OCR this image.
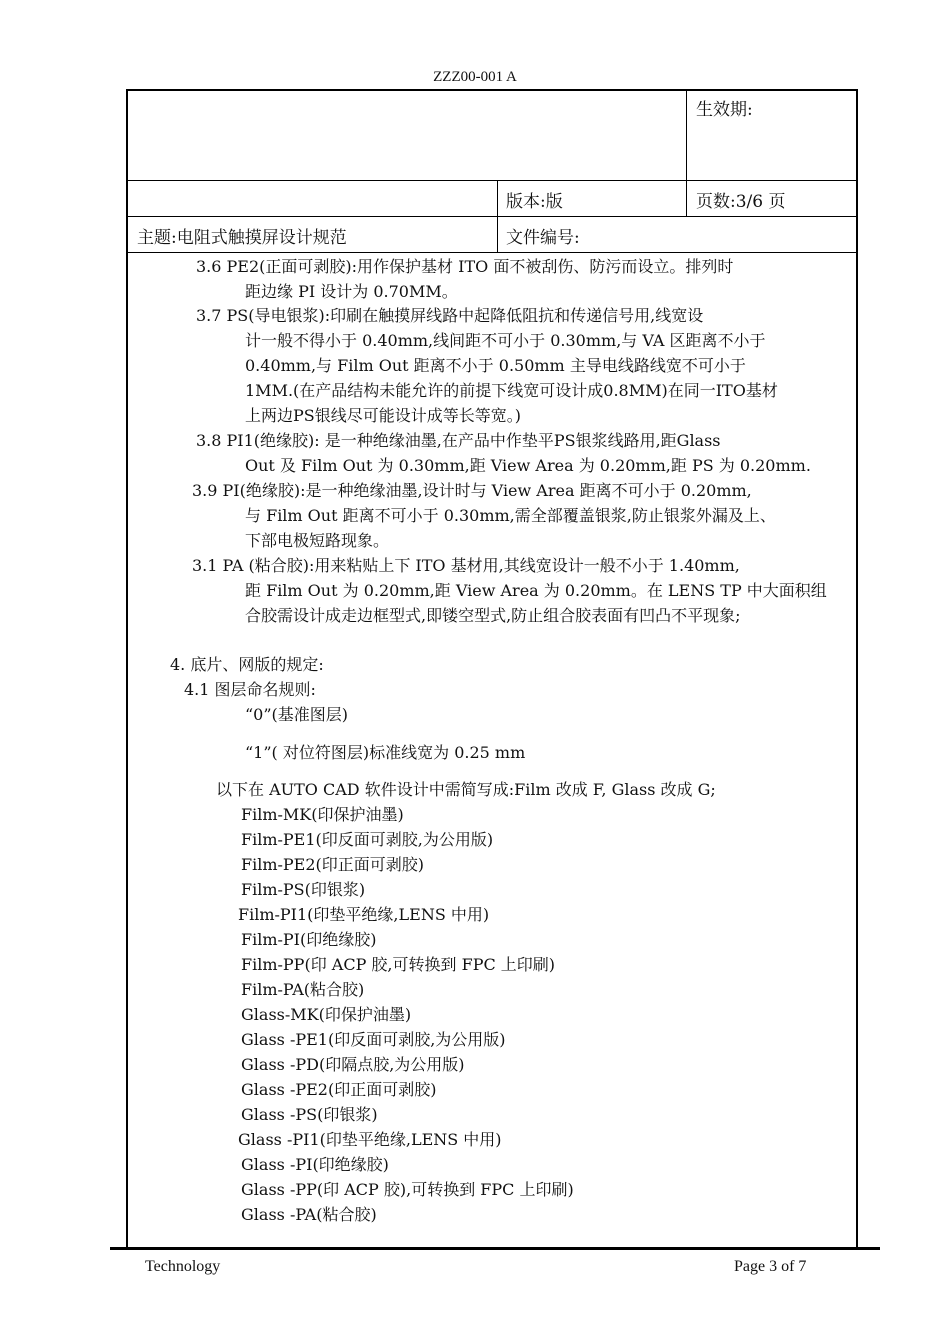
ZZZ00-001 A
生效期:
版本:版	页数:3/6 页
主题:电阻式触摸屏设计规范	文件编号:
3.6 PE2(正面可剥胶):用作保护基材 ITO 面不被刮伤、防污而设立。排列时
距边缘 PI 设计为 0.70MM。
3.7 PS(导电银浆):印刷在触摸屏线路中起降低阻抗和传递信号用,线宽设
计一般不得小于 0.40mm,线间距不可小于 0.30mm,与 VA 区距离不小于
0.40mm,与 Film Out 距离不小于 0.50mm 主导电线路线宽不可小于
1MM.(在产品结构未能允许的前提下线宽可设计成0.8MM)在同一ITO基材
上两边PS银线尽可能设计成等长等宽。)
3.8 PI1(绝缘胶): 是一种绝缘油墨,在产品中作垫平PS银浆线路用,距Glass
Out 及 Film Out 为 0.30mm,距 View Area 为 0.20mm,距 PS 为 0.20mm.
3.9 PI(绝缘胶):是一种绝缘油墨,设计时与 View Area 距离不可小于 0.20mm,
与 Film Out 距离不可小于 0.30mm,需全部覆盖银浆,防止银浆外漏及上、
下部电极短路现象。
3.1 PA (粘合胶):用来粘贴上下 ITO 基材用,其线宽设计一般不小于 1.40mm,
距 Film Out 为 0.20mm,距 View Area 为 0.20mm。在 LENS TP 中大面积组
合胶需设计成走边框型式,即镂空型式,防止组合胶表面有凹凸不平现象;
4. 底片、网版的规定:
4.1 图层命名规则:
“0”(基准图层)
“1”( 对位符图层)标准线宽为 0.25 mm
以下在 AUTO CAD 软件设计中需简写成:Film 改成 F, Glass 改成 G;
Film-MK(印保护油墨)
Film-PE1(印反面可剥胶,为公用版)
Film-PE2(印正面可剥胶)
Film-PS(印银浆)
Film-PI1(印垫平绝缘,LENS 中用)
Film-PI(印绝缘胶)
Film-PP(印 ACP 胶,可转换到 FPC 上印刷)
Film-PA(粘合胶)
Glass-MK(印保护油墨)
Glass -PE1(印反面可剥胶,为公用版)
Glass -PD(印隔点胶,为公用版)
Glass -PE2(印正面可剥胶)
Glass -PS(印银浆)
Glass -PI1(印垫平绝缘,LENS 中用)
Glass -PI(印绝缘胶)
Glass -PP(印 ACP 胶),可转换到 FPC 上印刷)
Glass -PA(粘合胶)
Technology	Page 3 of 7
